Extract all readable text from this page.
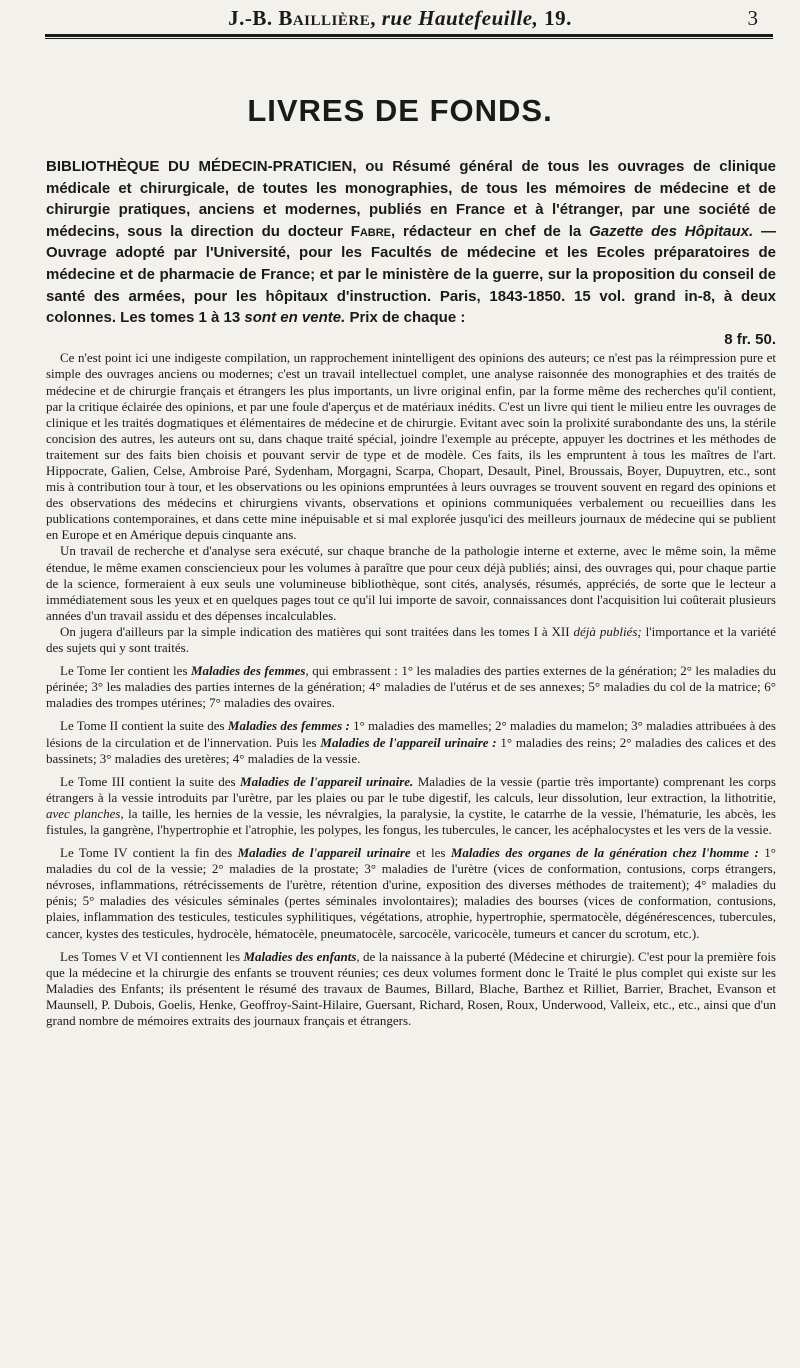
J.-B. Baillière, rue Hautefeuille, 19.	3
LIVRES DE FONDS.

BIBLIOTHÈQUE DU MÉDECIN-PRATICIEN, ou Résumé général de tous les ouvrages de clinique médicale et chirurgicale, de toutes les monographies, de tous les mémoires de médecine et de chirurgie pratiques, anciens et modernes, publiés en France et à l'étranger, par une société de médecins, sous la direction du docteur Fabre, rédacteur en chef de la Gazette des Hôpitaux. — Ouvrage adopté par l'Université, pour les Facultés de médecine et les Ecoles préparatoires de médecine et de pharmacie de France; et par le ministère de la guerre, sur la proposition du conseil de santé des armées, pour les hôpitaux d'instruction. Paris, 1843-1850. 15 vol. grand in-8, à deux colonnes. Les tomes 1 à 13 sont en vente. Prix de chaque :
8 fr. 50.

Ce n'est point ici une indigeste compilation, un rapprochement inintelligent des opinions des auteurs; ce n'est pas la réimpression pure et simple des ouvrages anciens ou modernes; c'est un travail intellectuel complet, une analyse raisonnée des monographies et des traités de médecine et de chirurgie français et étrangers les plus importants, un livre original enfin, par la forme même des recherches qu'il contient, par la critique éclairée des opinions, et par une foule d'aperçus et de matériaux inédits. C'est un livre qui tient le milieu entre les ouvrages de clinique et les traités dogmatiques et élémentaires de médecine et de chirurgie. Evitant avec soin la prolixité surabondante des uns, la stérile concision des autres, les auteurs ont su, dans chaque traité spécial, joindre l'exemple au précepte, appuyer les doctrines et les méthodes de traitement sur des faits bien choisis et pouvant servir de type et de modèle. Ces faits, ils les empruntent à tous les maîtres de l'art. Hippocrate, Galien, Celse, Ambroise Paré, Sydenham, Morgagni, Scarpa, Chopart, Desault, Pinel, Broussais, Boyer, Dupuytren, etc., sont mis à contribution tour à tour, et les observations ou les opinions empruntées à leurs ouvrages se trouvent souvent en regard des opinions et des observations des médecins et chirurgiens vivants, observations et opinions communiquées verbalement ou recueillies dans les publications contemporaines, et dans cette mine inépuisable et si mal explorée jusqu'ici des meilleurs journaux de médecine qui se publient en Europe et en Amérique depuis cinquante ans.

Un travail de recherche et d'analyse sera exécuté, sur chaque branche de la pathologie interne et externe, avec le même soin, la même étendue, le même examen consciencieux pour les volumes à paraître que pour ceux déjà publiés; ainsi, des ouvrages qui, pour chaque partie de la science, formeraient à eux seuls une volumineuse bibliothèque, sont cités, analysés, résumés, appréciés, de sorte que le lecteur a immédiatement sous les yeux et en quelques pages tout ce qu'il lui importe de savoir, connaissances dont l'acquisition lui coûterait plusieurs années d'un travail assidu et des dépenses incalculables.

On jugera d'ailleurs par la simple indication des matières qui sont traitées dans les tomes I à XII déjà publiés; l'importance et la variété des sujets qui y sont traités.

Le Tome Ier contient les Maladies des femmes, qui embrassent : 1° les maladies des parties externes de la génération; 2° les maladies du périnée; 3° les maladies des parties internes de la génération; 4° maladies de l'utérus et de ses annexes; 5° maladies du col de la matrice; 6° maladies des trompes utérines; 7° maladies des ovaires.

Le Tome II contient la suite des Maladies des femmes : 1° maladies des mamelles; 2° maladies du mamelon; 3° maladies attribuées à des lésions de la circulation et de l'innervation. Puis les Maladies de l'appareil urinaire : 1° maladies des reins; 2° maladies des calices et des bassinets; 3° maladies des uretères; 4° maladies de la vessie.

Le Tome III contient la suite des Maladies de l'appareil urinaire. Maladies de la vessie (partie très importante) comprenant les corps étrangers à la vessie introduits par l'urètre, par les plaies ou par le tube digestif, les calculs, leur dissolution, leur extraction, la lithotritie, avec planches, la taille, les hernies de la vessie, les névralgies, la paralysie, la cystite, le catarrhe de la vessie, l'hématurie, les abcès, les fistules, la gangrène, l'hypertrophie et l'atrophie, les polypes, les fongus, les tubercules, le cancer, les acéphalocystes et les vers de la vessie.

Le Tome IV contient la fin des Maladies de l'appareil urinaire et les Maladies des organes de la génération chez l'homme : 1° maladies du col de la vessie; 2° maladies de la prostate; 3° maladies de l'urètre (vices de conformation, contusions, corps étrangers, névroses, inflammations, rétrécissements de l'urètre, rétention d'urine, exposition des diverses méthodes de traitement); 4° maladies du pénis; 5° maladies des vésicules séminales (pertes séminales involontaires); maladies des bourses (vices de conformation, contusions, plaies, inflammation des testicules, testicules syphilitiques, végétations, atrophie, hypertrophie, spermatocèle, dégénérescences, tubercules, cancer, kystes des testicules, hydrocèle, hématocèle, pneumatocèle, sarcocèle, varicocèle, tumeurs et cancer du scrotum, etc.).

Les Tomes V et VI contiennent les Maladies des enfants, de la naissance à la puberté (Médecine et chirurgie). C'est pour la première fois que la médecine et la chirurgie des enfants se trouvent réunies; ces deux volumes forment donc le Traité le plus complet qui existe sur les Maladies des Enfants; ils présentent le résumé des travaux de Baumes, Billard, Blache, Barthez et Rilliet, Barrier, Brachet, Evanson et Maunsell, P. Dubois, Goelis, Henke, Geoffroy-Saint-Hilaire, Guersant, Richard, Rosen, Roux, Underwood, Valleix, etc., etc., ainsi que d'un grand nombre de mémoires extraits des journaux français et étrangers.
